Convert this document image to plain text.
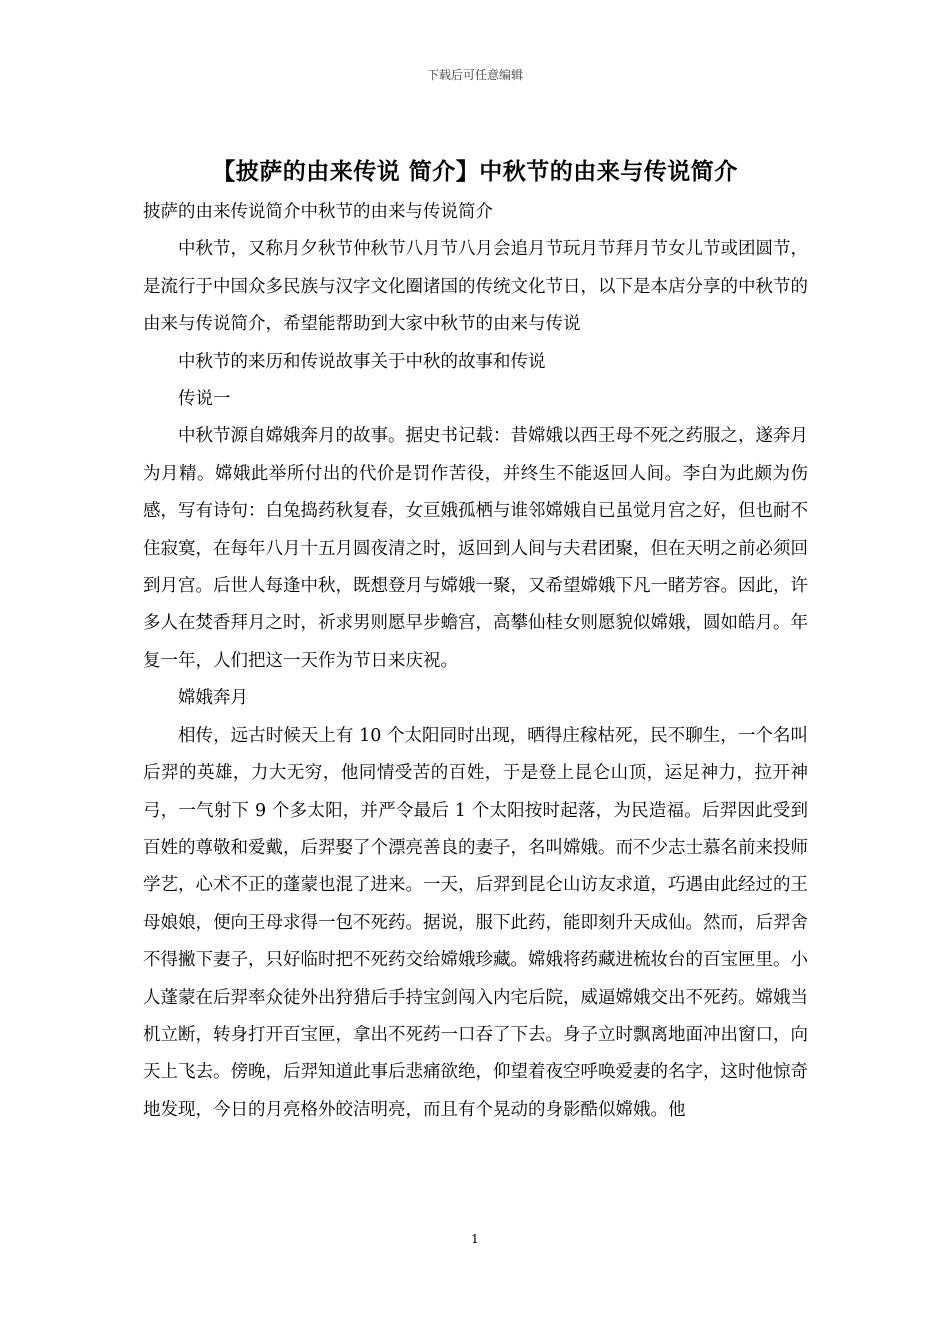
下载后可任意编辑
【披萨的由来传说 简介】中秋节的由来与传说简介

披萨的由来传说简介中秋节的由来与传说简介

中秋节，又称月夕秋节仲秋节八月节八月会追月节玩月节拜月节女儿节或团圆节，是流行于中国众多民族与汉字文化圈诸国的传统文化节日，以下是本店分享的中秋节的由来与传说简介，希望能帮助到大家中秋节的由来与传说

中秋节的来历和传说故事关于中秋的故事和传说

传说一

中秋节源自嫦娥奔月的故事。据史书记载：昔嫦娥以西王母不死之药服之，遂奔月为月精。嫦娥此举所付出的代价是罚作苦役，并终生不能返回人间。李白为此颇为伤感，写有诗句：白兔捣药秋复春，女亘娥孤栖与谁邻嫦娥自已虽觉月宫之好，但也耐不住寂寞，在每年八月十五月圆夜清之时，返回到人间与夫君团聚，但在天明之前必须回到月宫。后世人每逢中秋，既想登月与嫦娥一聚，又希望嫦娥下凡一睹芳容。因此，许多人在焚香拜月之时，祈求男则愿早步蟾宫，高攀仙桂女则愿貌似嫦娥，圆如皓月。年复一年，人们把这一天作为节日来庆祝。

嫦娥奔月

相传，远古时候天上有 10 个太阳同时出现，晒得庄稼枯死，民不聊生，一个名叫后羿的英雄，力大无穷，他同情受苦的百姓，于是登上昆仑山顶，运足神力，拉开神弓，一气射下 9 个多太阳，并严令最后 1 个太阳按时起落，为民造福。后羿因此受到百姓的尊敬和爱戴，后羿娶了个漂亮善良的妻子，名叫嫦娥。而不少志士慕名前来投师学艺，心术不正的蓬蒙也混了进来。一天，后羿到昆仑山访友求道，巧遇由此经过的王母娘娘，便向王母求得一包不死药。据说，服下此药，能即刻升天成仙。然而，后羿舍不得撇下妻子，只好临时把不死药交给嫦娥珍藏。嫦娥将药藏进梳妆台的百宝匣里。小人蓬蒙在后羿率众徒外出狩猎后手持宝剑闯入内宅后院，威逼嫦娥交出不死药。嫦娥当机立断，转身打开百宝匣，拿出不死药一口吞了下去。身子立时飘离地面冲出窗口，向天上飞去。傍晚，后羿知道此事后悲痛欲绝，仰望着夜空呼唤爱妻的名字，这时他惊奇地发现，今日的月亮格外皎洁明亮，而且有个晃动的身影酷似嫦娥。他

1
